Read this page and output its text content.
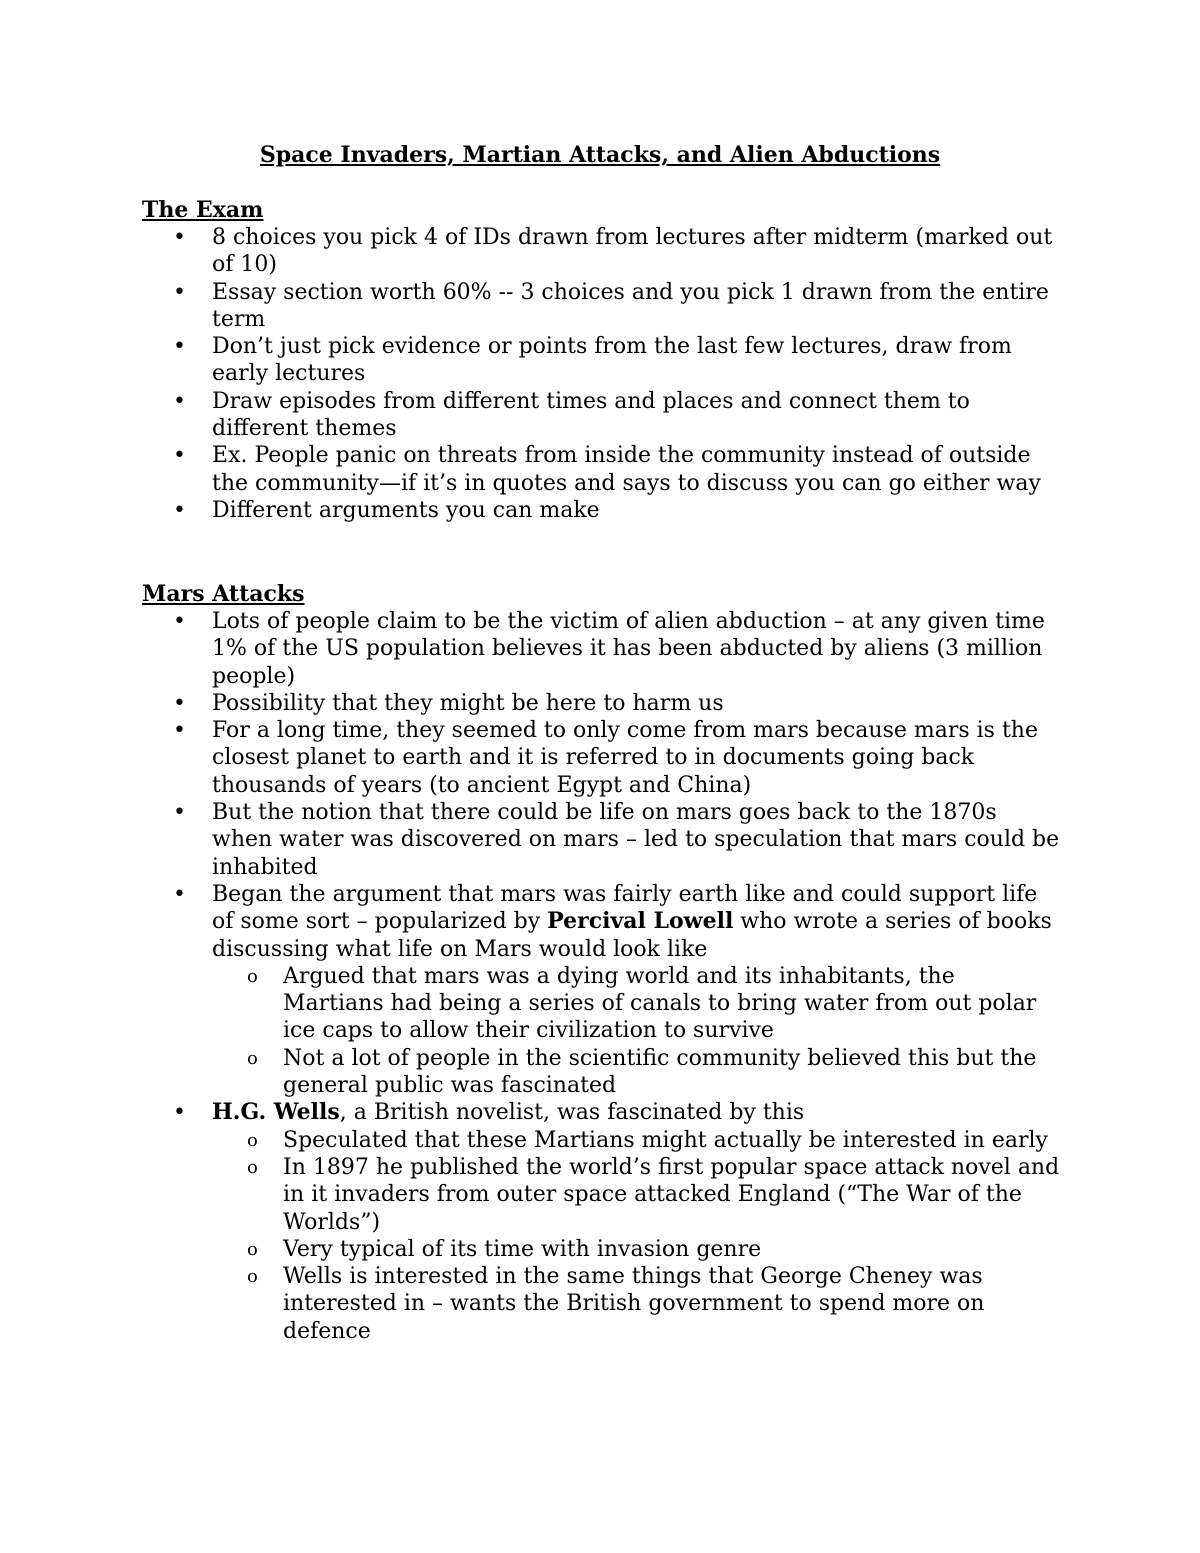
Space Invaders, Martian Attacks, and Alien Abductions
The Exam
• 8 choices you pick 4 of IDs drawn from lectures after midterm (marked out of 10)
• Essay section worth 60% -- 3 choices and you pick 1 drawn from the entire term
• Don’t just pick evidence or points from the last few lectures, draw from early lectures
• Draw episodes from different times and places and connect them to different themes
• Ex. People panic on threats from inside the community instead of outside the community—if it’s in quotes and says to discuss you can go either way
• Different arguments you can make
Mars Attacks
• Lots of people claim to be the victim of alien abduction – at any given time 1% of the US population believes it has been abducted by aliens (3 million people)
• Possibility that they might be here to harm us
• For a long time, they seemed to only come from mars because mars is the closest planet to earth and it is referred to in documents going back thousands of years (to ancient Egypt and China)
• But the notion that there could be life on mars goes back to the 1870s when water was discovered on mars – led to speculation that mars could be inhabited
• Began the argument that mars was fairly earth like and could support life of some sort – popularized by Percival Lowell who wrote a series of books discussing what life on Mars would look like
o Argued that mars was a dying world and its inhabitants, the Martians had being a series of canals to bring water from out polar ice caps to allow their civilization to survive
o Not a lot of people in the scientific community believed this but the general public was fascinated
• H.G. Wells, a British novelist, was fascinated by this
o Speculated that these Martians might actually be interested in early
o In 1897 he published the world’s first popular space attack novel and in it invaders from outer space attacked England (“The War of the Worlds”)
o Very typical of its time with invasion genre
o Wells is interested in the same things that George Cheney was interested in – wants the British government to spend more on defence
